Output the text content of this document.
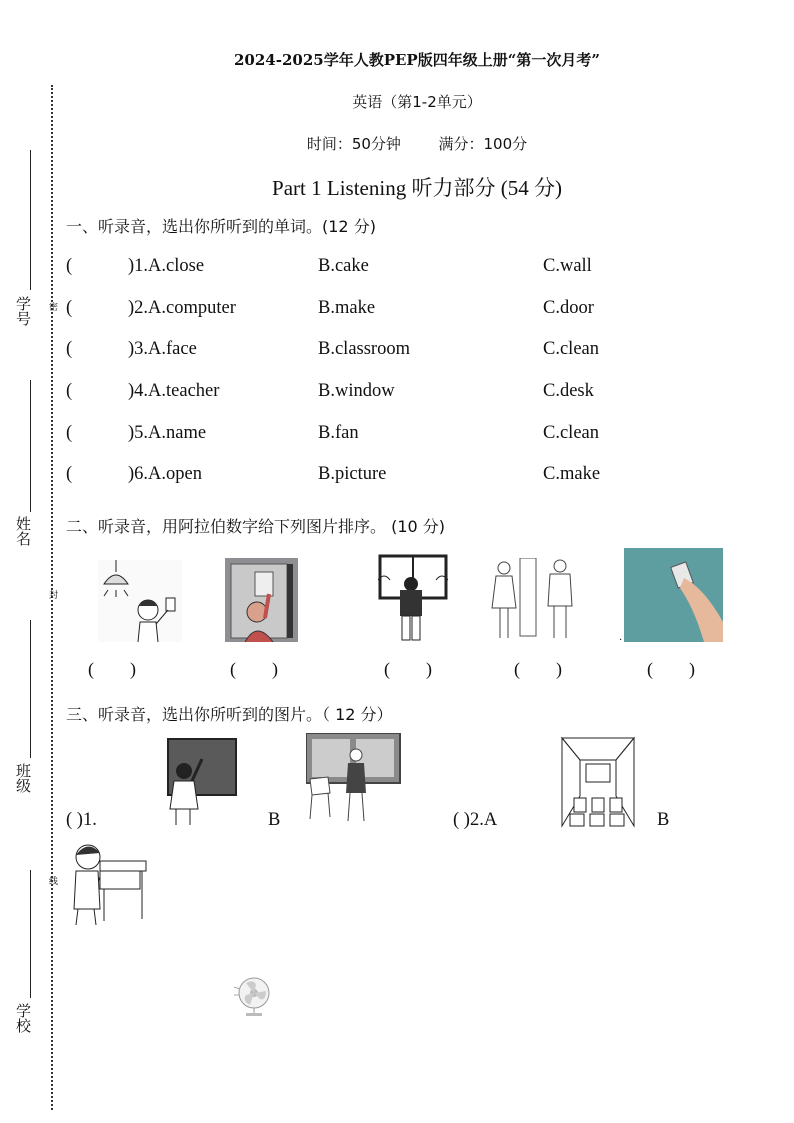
学号 密
姓名
封
班级
线
学校
2024-2025学年人教PEP版四年级上册“第一次月考”
英语（第1-2单元）
时间：50分钟	满分：100分
Part 1 Listening 听力部分 (54 分)
一、听录音，选出你所听到的单词。(12 分)
(	)1.A.close	B.cake	C.wall
(	)2.A.computer	B.make	C.door
(	)3.A.face	B.classroom	C.clean
(	)4.A.teacher	B.window	C.desk
(	)5.A.name	B.fan	C.clean
(	)6.A.open	B.picture	C.make
二、听录音，用阿拉伯数字给下列图片排序。 (10 分)
.
(        )	(        )	(        )	(        )	(        )
三、听录音，选出你所听到的图片。（ 12 分）
( )1.	B	( )2.A	B
